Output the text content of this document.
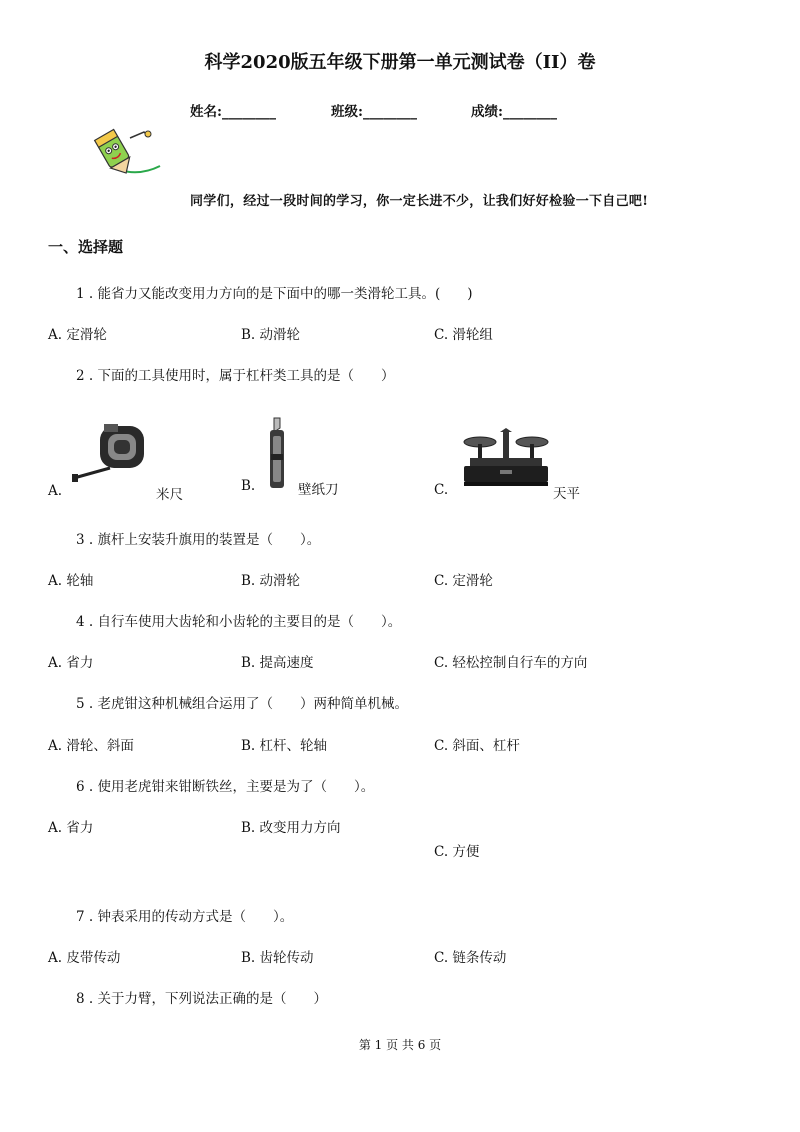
科学2020版五年级下册第一单元测试卷（II）卷
姓名:________	班级:________	成绩:________
同学们，经过一段时间的学习，你一定长进不少，让我们好好检验一下自己吧!
一、选择题
1 . 能省力又能改变用力方向的是下面中的哪一类滑轮工具。(　　)
A. 定滑轮	B. 动滑轮	C. 滑轮组
2 . 下面的工具使用时，属于杠杆类工具的是（　　）
A.	米尺
B.	壁纸刀	C.	天平
3 . 旗杆上安装升旗用的装置是（　　）。
A. 轮轴	B. 动滑轮	C. 定滑轮
4 . 自行车使用大齿轮和小齿轮的主要目的是（　　）。
A. 省力	B. 提高速度	C. 轻松控制自行车的方向
5 . 老虎钳这种机械组合运用了（　　）两种简单机械。
A. 滑轮、斜面	B. 杠杆、轮轴	C. 斜面、杠杆
6 . 使用老虎钳来钳断铁丝，主要是为了（　　）。
A. 省力	B. 改变用力方向
C. 方便
7 . 钟表采用的传动方式是（　　）。
A. 皮带传动	B. 齿轮传动	C. 链条传动
8 . 关于力臂，下列说法正确的是（　　）
第 1 页 共 6 页
